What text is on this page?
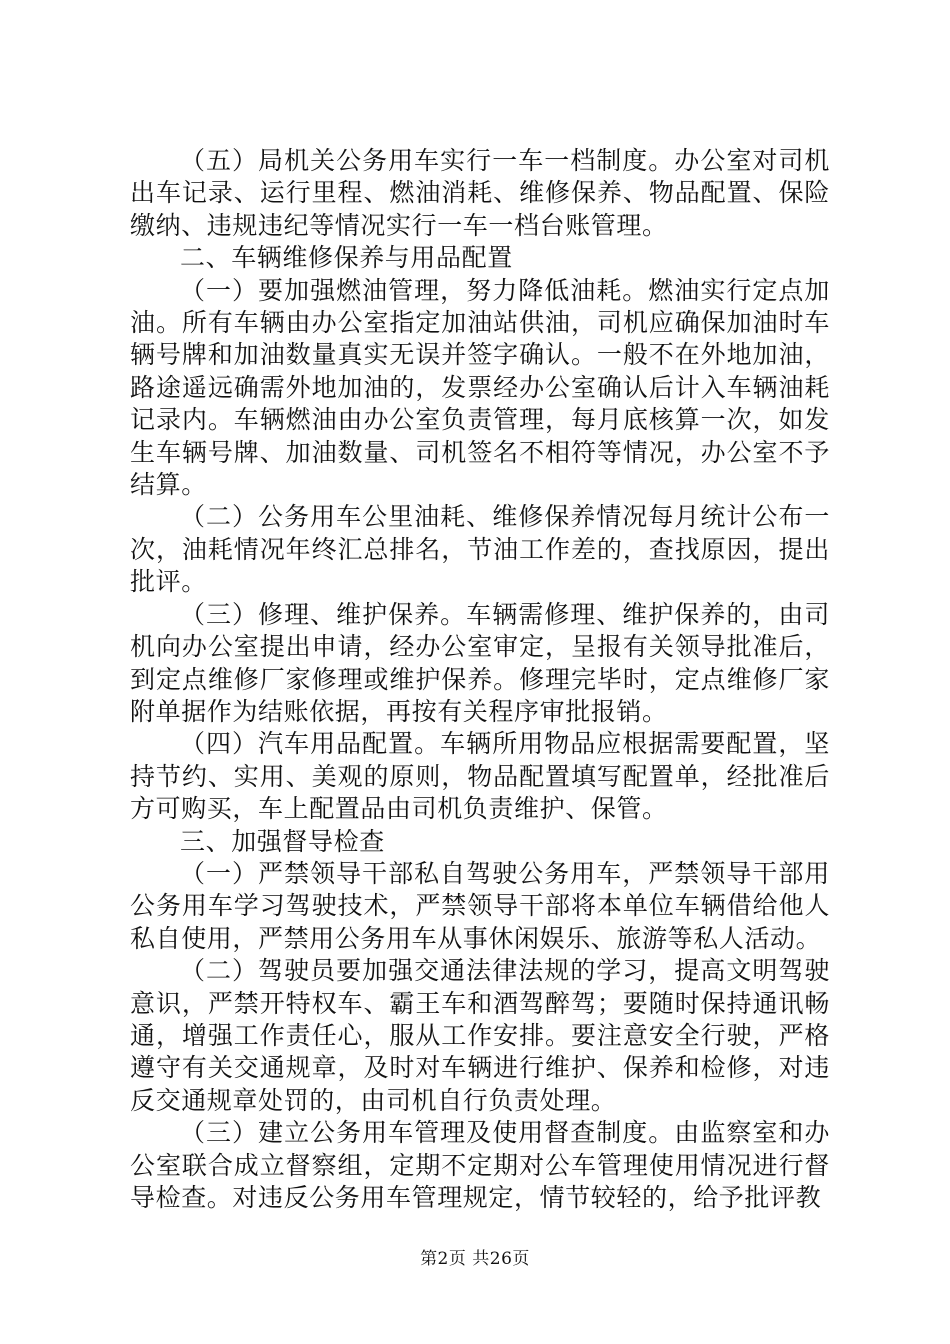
（五）局机关公务用车实行一车一档制度。办公室对司机出车记录、运行里程、燃油消耗、维修保养、物品配置、保险缴纳、违规违纪等情况实行一车一档台账管理。

二、车辆维修保养与用品配置

（一）要加强燃油管理，努力降低油耗。燃油实行定点加油。所有车辆由办公室指定加油站供油，司机应确保加油时车辆号牌和加油数量真实无误并签字确认。一般不在外地加油，路途遥远确需外地加油的，发票经办公室确认后计入车辆油耗记录内。车辆燃油由办公室负责管理，每月底核算一次，如发生车辆号牌、加油数量、司机签名不相符等情况，办公室不予结算。

（二）公务用车公里油耗、维修保养情况每月统计公布一次，油耗情况年终汇总排名，节油工作差的，查找原因，提出批评。

（三）修理、维护保养。车辆需修理、维护保养的，由司机向办公室提出申请，经办公室审定，呈报有关领导批准后，到定点维修厂家修理或维护保养。修理完毕时，定点维修厂家附单据作为结账依据，再按有关程序审批报销。

（四）汽车用品配置。车辆所用物品应根据需要配置，坚持节约、实用、美观的原则，物品配置填写配置单，经批准后方可购买，车上配置品由司机负责维护、保管。

三、加强督导检查

（一）严禁领导干部私自驾驶公务用车，严禁领导干部用公务用车学习驾驶技术，严禁领导干部将本单位车辆借给他人私自使用，严禁用公务用车从事休闲娱乐、旅游等私人活动。

（二）驾驶员要加强交通法律法规的学习，提高文明驾驶意识，严禁开特权车、霸王车和酒驾醉驾；要随时保持通讯畅通，增强工作责任心，服从工作安排。要注意安全行驶，严格遵守有关交通规章，及时对车辆进行维护、保养和检修，对违反交通规章处罚的，由司机自行负责处理。

（三）建立公务用车管理及使用督查制度。由监察室和办公室联合成立督察组，定期不定期对公车管理使用情况进行督导检查。对违反公务用车管理规定，情节较轻的，给予批评教

第2页 共26页
